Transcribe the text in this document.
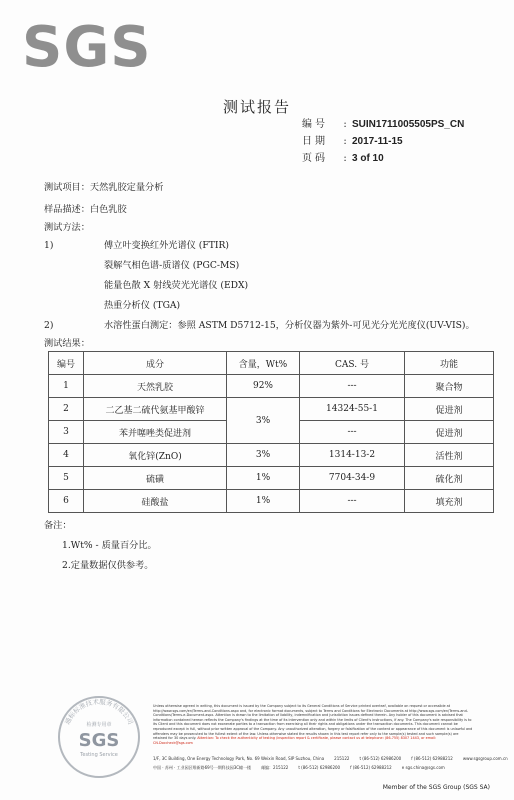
SGS
测试报告
编号	: SUIN1711005505PS_CN
日期	: 2017-11-15
页码	: 3 of 10
测试项目：天然乳胶定量分析
样品描述：白色乳胶
测试方法：
1)	傅立叶变换红外光谱仪 (FTIR)
裂解气相色谱-质谱仪 (PGC-MS)
能量色散 X 射线荧光光谱仪 (EDX)
热重分析仪 (TGA)
2)	水溶性蛋白测定：参照 ASTM D5712-15，分析仪器为紫外-可见光分光光度仪(UV-VIS)。
测试结果：
编号	成分	含量，Wt%	CAS. 号	功能
1	天然乳胶	92%	---	聚合物
2	二乙基二硫代氨基甲酸锌	3%	14324-55-1	促进剂
3	苯并噻唑类促进剂		---	促进剂
4	氧化锌(ZnO)	3%	1314-13-2	活性剂
5	硫磺	1%	7704-34-9	硫化剂
6	硅酸盐	1%	---	填充剂
备注：
1.Wt% - 质量百分比。
2.定量数据仅供参考。
通标标准技术服务有限公司
检测专用章
SGS
Testing Service
Unless otherwise agreed in writing, this document is issued by the Company subject to its General Conditions of Service printed overleaf, available on request or accessible at http://www.sgs.com/en/Terms-and-Conditions.aspx and, for electronic format documents, subject to Terms and Conditions for Electronic Documents at http://www.sgs.com/en/Terms-and-Conditions/Terms-e-Document.aspx. Attention is drawn to the limitation of liability, indemnification and jurisdiction issues defined therein. Any holder of this document is advised that information contained hereon reflects the Company's findings at the time of its intervention only and within the limits of Client's instructions, if any. The Company's sole responsibility is to its Client and this document does not exonerate parties to a transaction from exercising all their rights and obligations under the transaction documents. This document cannot be reproduced except in full, without prior written approval of the Company. Any unauthorized alteration, forgery or falsification of the content or appearance of this document is unlawful and offenders may be prosecuted to the fullest extent of the law. Unless otherwise stated the results shown in this test report refer only to the sample(s) tested and such sample(s) are retained for 30 days only. Attention: To check the authenticity of testing /inspection report & certificate, please contact us at telephone: (86-755) 8307 1443, or email: CN.Doccheck@sgs.com
1/F, 3C Building, One Energy Technology Park, No. 69 Weixin Road, SIP Suzhou, China	215122	t (86-512) 62986200	f (86-512) 62988212	www.sgsgroup.com.cn
中国 · 苏州 · 工业园区唯新路69号一期科技园3C幢一楼	邮编：215122	t (86-512) 62986200	f (86-512) 62988212	e sgs.china@sgs.com
Member of the SGS Group (SGS SA)
